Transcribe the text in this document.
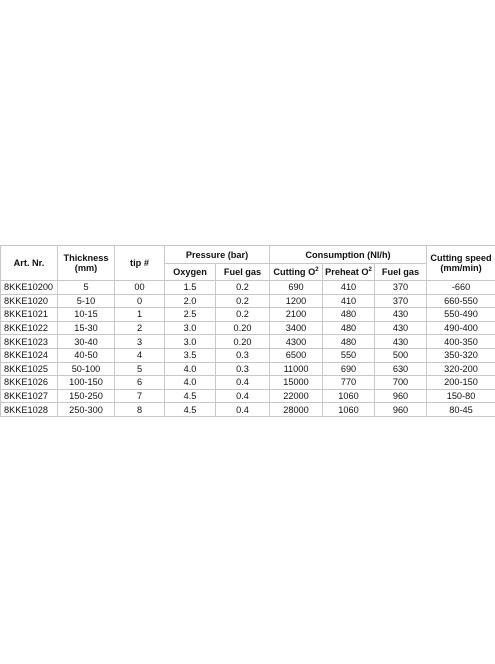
Art. Nr.	Thickness
(mm)	tip #	Pressure (bar)		Consumption (Nl/h)			Cutting speed
(mm/min)
			Oxygen	Fuel gas	Cutting $O^2$	Preheat $O^2$	Fuel gas	
8KKE10200	5	00	1.5	0.2	690	410	370	-660
8KKE1020	5-10	0	2.0	0.2	1200	410	370	660-550
8KKE1021	10-15	1	2.5	0.2	2100	480	430	550-490
8KKE1022	15-30	2	3.0	0.20	3400	480	430	490-400
8KKE1023	30-40	3	3.0	0.20	4300	480	430	400-350
8KKE1024	40-50	4	3.5	0.3	6500	550	500	350-320
8KKE1025	50-100	5	4.0	0.3	11000	690	630	320-200
8KKE1026	100-150	6	4.0	0.4	15000	770	700	200-150
8KKE1027	150-250	7	4.5	0.4	22000	1060	960	150-80
8KKE1028	250-300	8	4.5	0.4	28000	1060	960	80-45
